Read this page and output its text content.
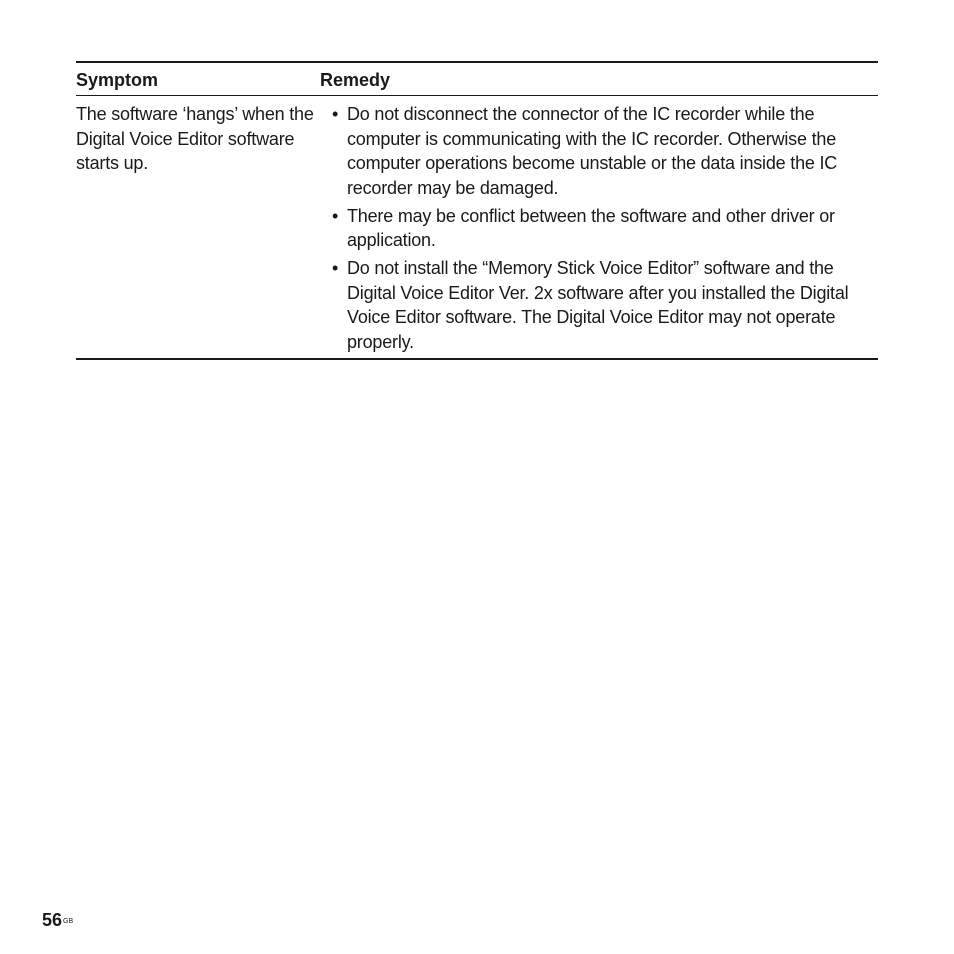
Symptom	Remedy
The software ‘hangs’ when the Digital Voice Editor software starts up.
• Do not disconnect the connector of the IC recorder while the computer is communicating with the IC recorder. Otherwise the computer operations become unstable or the data inside the IC recorder may be damaged.
• There may be conflict between the software and other driver or application.
• Do not install the “Memory Stick Voice Editor” software and the Digital Voice Editor Ver. 2x software after you installed the Digital Voice Editor software. The Digital Voice Editor may not operate properly.
$56^{GB}$
